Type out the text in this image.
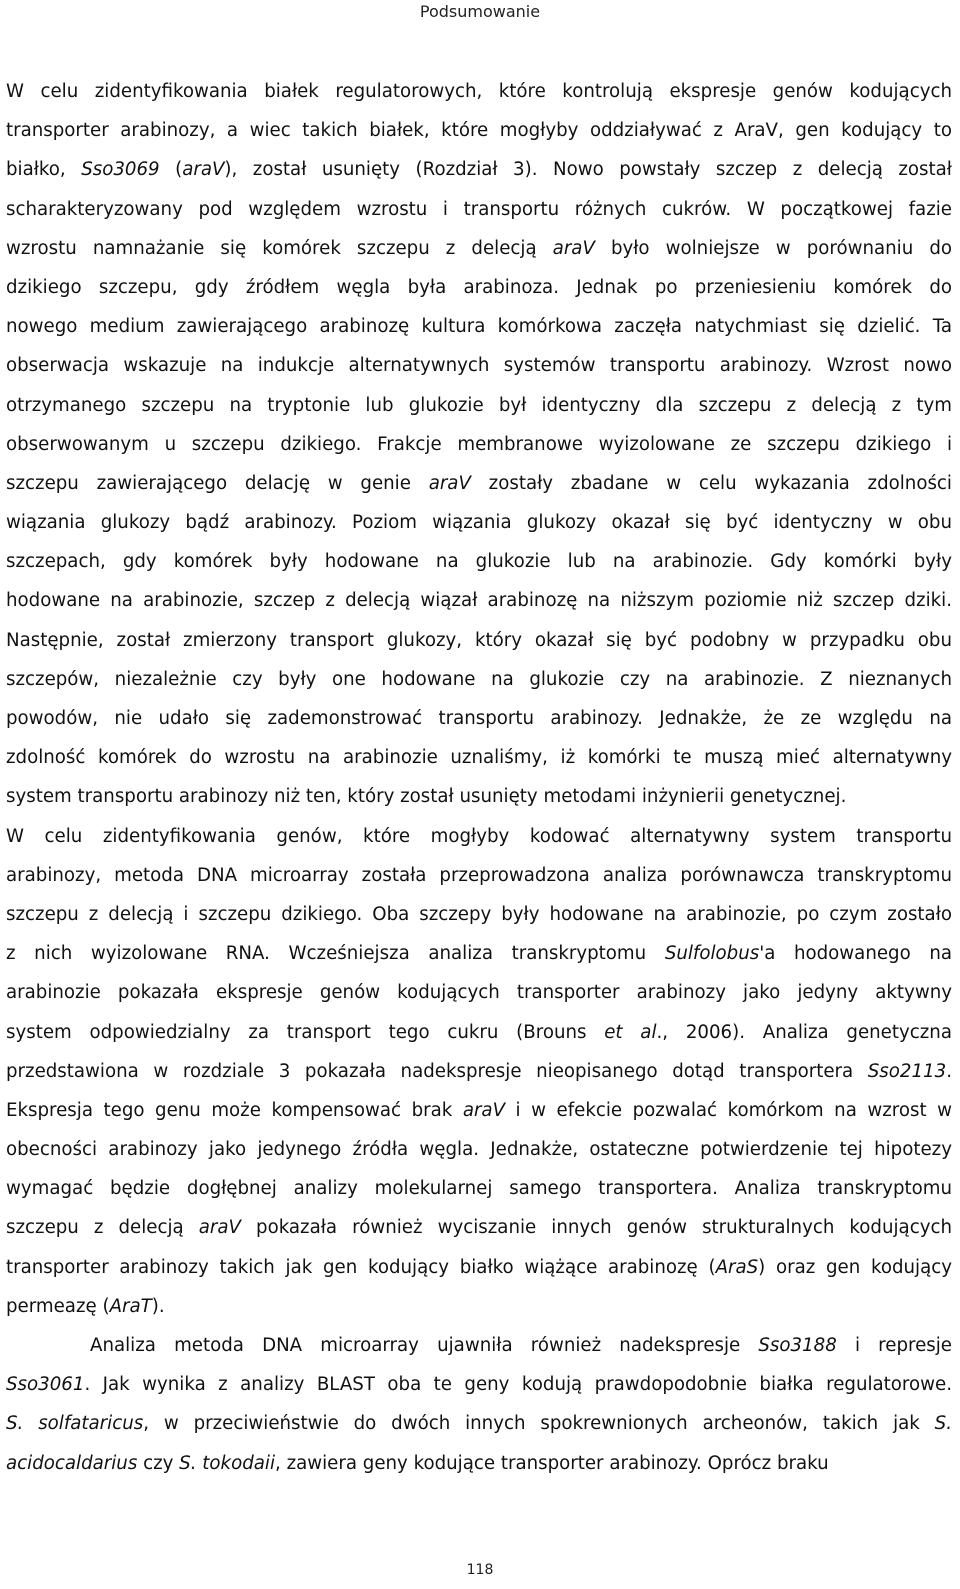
Podsumowanie
W celu zidentyfikowania białek regulatorowych, które kontrolują ekspresje genów kodujących
transporter arabinozy, a wiec takich białek, które mogłyby oddziaływać z AraV, gen kodujący to
białko, Sso3069 (araV), został usunięty (Rozdział 3). Nowo powstały szczep z delecją został
scharakteryzowany pod względem wzrostu i transportu różnych cukrów. W początkowej fazie
wzrostu namnażanie się komórek szczepu z delecją araV było wolniejsze w porównaniu do
dzikiego szczepu, gdy źródłem węgla była arabinoza. Jednak po przeniesieniu komórek do
nowego medium zawierającego arabinozę kultura komórkowa zaczęła natychmiast się dzielić. Ta
obserwacja wskazuje na indukcje alternatywnych systemów transportu arabinozy. Wzrost nowo
otrzymanego szczepu na tryptonie lub glukozie był identyczny dla szczepu z delecją z tym
obserwowanym u szczepu dzikiego. Frakcje membranowe wyizolowane ze szczepu dzikiego i
szczepu zawierającego delację w genie araV zostały zbadane w celu wykazania zdolności
wiązania glukozy bądź arabinozy. Poziom wiązania glukozy okazał się być identyczny w obu
szczepach, gdy komórek były hodowane na glukozie lub na arabinozie. Gdy komórki były
hodowane na arabinozie, szczep z delecją wiązał arabinozę na niższym poziomie niż szczep dziki.
Następnie, został zmierzony transport glukozy, który okazał się być podobny w przypadku obu
szczepów, niezależnie czy były one hodowane na glukozie czy na arabinozie. Z nieznanych
powodów, nie udało się zademonstrować transportu arabinozy. Jednakże, że ze względu na
zdolność komórek do wzrostu na arabinozie uznaliśmy, iż komórki te muszą mieć alternatywny
system transportu arabinozy niż ten, który został usunięty metodami inżynierii genetycznej.
W celu zidentyfikowania genów, które mogłyby kodować alternatywny system transportu
arabinozy, metoda DNA microarray została przeprowadzona analiza porównawcza transkryptomu
szczepu z delecją i szczepu dzikiego. Oba szczepy były hodowane na arabinozie, po czym zostało
z nich wyizolowane RNA. Wcześniejsza analiza transkryptomu Sulfolobus'a hodowanego na
arabinozie pokazała ekspresje genów kodujących transporter arabinozy jako jedyny aktywny
system odpowiedzialny za transport tego cukru (Brouns et al., 2006). Analiza genetyczna
przedstawiona w rozdziale 3 pokazała nadekspresje nieopisanego dotąd transportera Sso2113.
Ekspresja tego genu może kompensować brak araV i w efekcie pozwalać komórkom na wzrost w
obecności arabinozy jako jedynego źródła węgla. Jednakże, ostateczne potwierdzenie tej hipotezy
wymagać będzie dogłębnej analizy molekularnej samego transportera. Analiza transkryptomu
szczepu z delecją araV pokazała również wyciszanie innych genów strukturalnych kodujących
transporter arabinozy takich jak gen kodujący białko wiążące arabinozę (AraS) oraz gen kodujący
permeazę (AraT).
Analiza metoda DNA microarray ujawniła również nadekspresje Sso3188 i represje
Sso3061. Jak wynika z analizy BLAST oba te geny kodują prawdopodobnie białka regulatorowe.
S. solfataricus, w przeciwieństwie do dwóch innych spokrewnionych archeonów, takich jak S.
acidocaldarius czy S. tokodaii, zawiera geny kodujące transporter arabinozy. Oprócz braku
118
